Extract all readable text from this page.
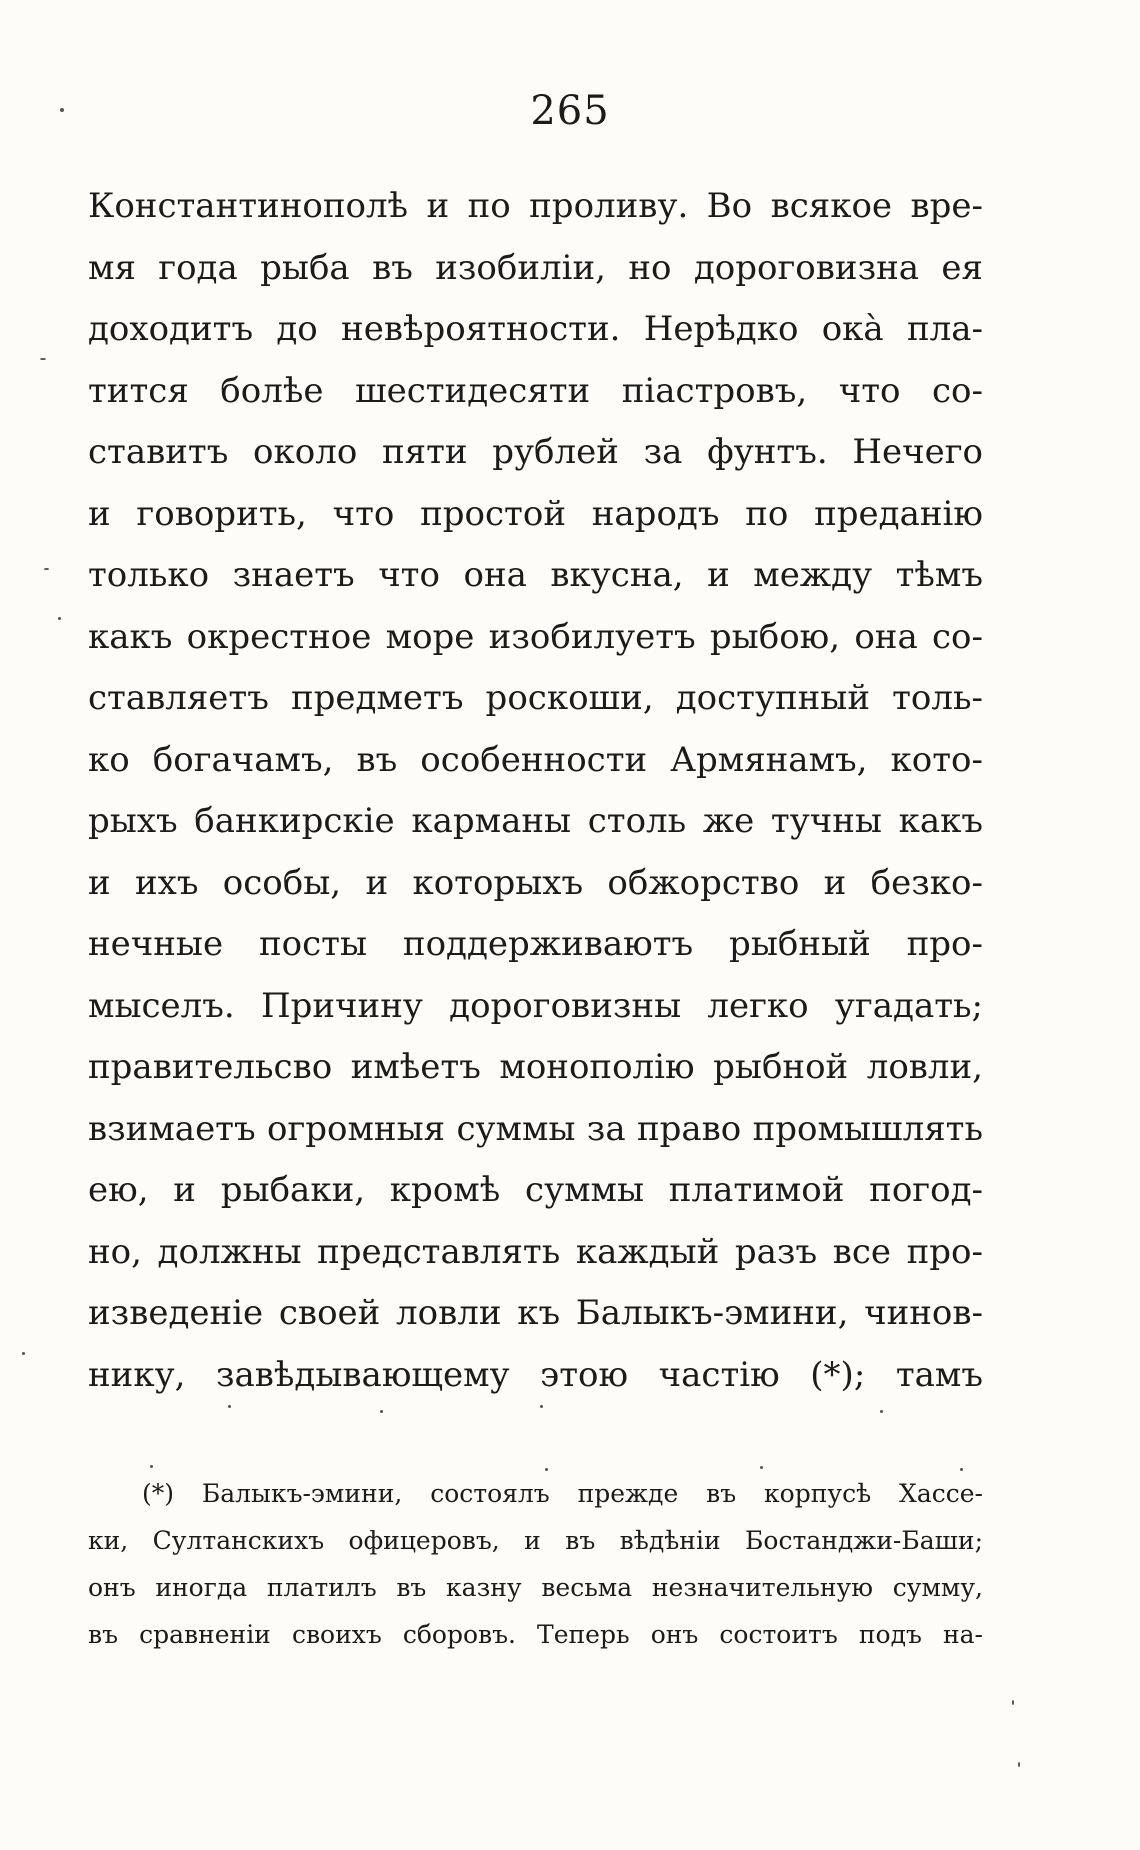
265
Константинополѣ и по проливу. Во всякое вре-
мя года рыба въ изобиліи, но дороговизна ея
доходитъ до невѣроятности. Нерѣдко окà пла-
тится болѣе шестидесяти піастровъ, что со-
ставитъ около пяти рублей за фунтъ. Нечего
и говорить, что простой народъ по преданію
только знаетъ что она вкусна, и между тѣмъ
какъ окрестное море изобилуетъ рыбою, она со-
ставляетъ предметъ роскоши, доступный толь-
ко богачамъ, въ особенности Армянамъ, кото-
рыхъ банкирскіе карманы столь же тучны какъ
и ихъ особы, и которыхъ обжорство и безко-
нечные посты поддерживаютъ рыбный про-
мыселъ. Причину дороговизны легко угадать;
правительсво имѣетъ монополію рыбной ловли,
взимаетъ огромныя суммы за право промышлять
ею, и рыбаки, кромѣ суммы платимой погод-
но, должны представлять каждый разъ все про-
изведеніе своей ловли къ Балыкъ-эмини, чинов-
нику, завѣдывающему этою частію (*); тамъ
(*) Балыкъ-эмини, состоялъ прежде въ корпусѣ Хассе-
ки, Султанскихъ офицеровъ, и въ вѣдѣніи Бостанджи-Баши;
онъ иногда платилъ въ казну весьма незначительную сумму,
въ сравненіи своихъ сборовъ. Теперь онъ состоитъ подъ на-
